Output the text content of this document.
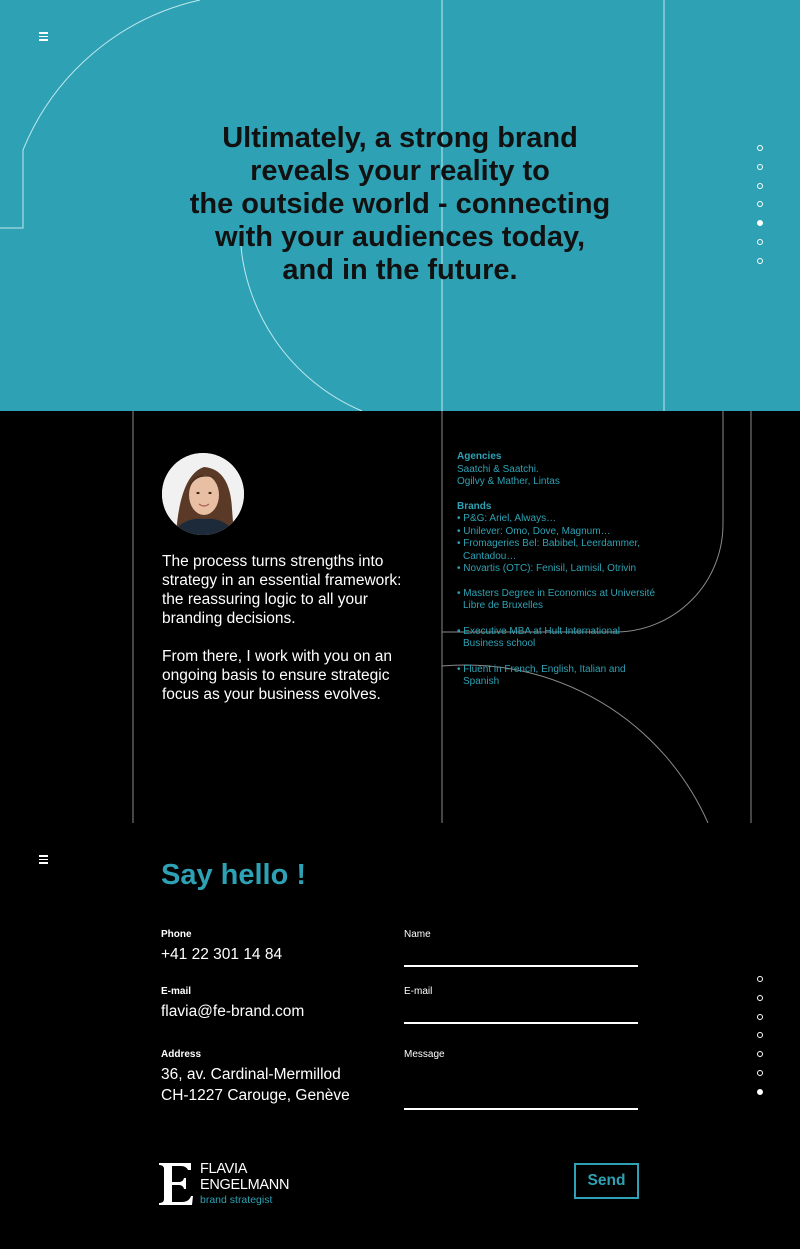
Ultimately, a strong brand
reveals your reality to
the outside world - connecting
with your audiences today,
and in the future.

The process turns strengths into strategy in an essential framework: the reassuring logic to all your branding decisions.

From there, I work with you on an ongoing basis to ensure strategic focus as your business evolves.

Agencies
Saatchi & Saatchi.
Ogilvy & Mather, Lintas
Brands
• P&G: Ariel, Always…
• Unilever: Omo, Dove, Magnum…
• Fromageries Bel: Babibel, Leerdammer, Cantadou…
• Novartis (OTC): Fenisil, Lamisil, Otrivin
• Masters Degree in Economics at Université Libre de Bruxelles
• Executive MBA at Hult International Business school
• Fluent in French, English, Italian and Spanish
Say hello !
Phone
+41 22 301 14 84
E-mail
flavia@fe-brand.com
Address
36, av. Cardinal-Mermillod
CH-1227 Carouge, Genève
Name
E-mail
Message
Send
FLAVIA
ENGELMANN
brand strategist
